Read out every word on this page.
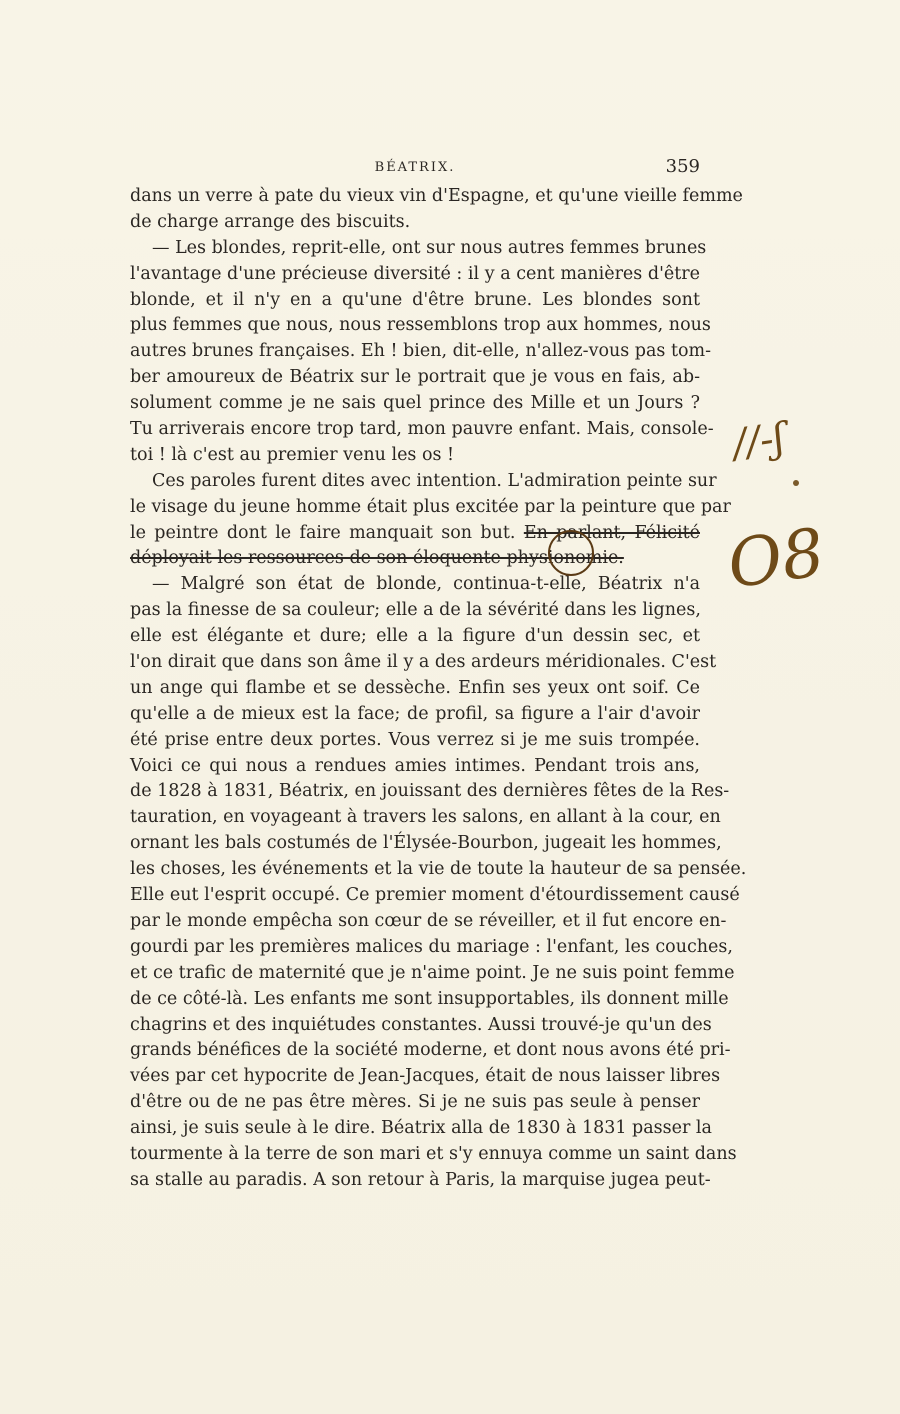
BÉATRIX.	359
dans un verre à pate du vieux vin d'Espagne, et qu'une vieille femme
de charge arrange des biscuits.
— Les blondes, reprit-elle, ont sur nous autres femmes brunes
l'avantage d'une précieuse diversité : il y a cent manières d'être
blonde, et il n'y en a qu'une d'être brune. Les blondes sont
plus femmes que nous, nous ressemblons trop aux hommes, nous
autres brunes françaises. Eh ! bien, dit-elle, n'allez-vous pas tom-
ber amoureux de Béatrix sur le portrait que je vous en fais, ab-
solument comme je ne sais quel prince des Mille et un Jours ?
Tu arriverais encore trop tard, mon pauvre enfant. Mais, console-
toi ! là c'est au premier venu les os !
Ces paroles furent dites avec intention. L'admiration peinte sur
le visage du jeune homme était plus excitée par la peinture que par
le peintre dont le faire manquait son but. En parlant, Félicité
déployait les ressources de son éloquente physionomie.
— Malgré son état de blonde, continua-t-elle, Béatrix n'a
pas la finesse de sa couleur; elle a de la sévérité dans les lignes,
elle est élégante et dure; elle a la figure d'un dessin sec, et
l'on dirait que dans son âme il y a des ardeurs méridionales. C'est
un ange qui flambe et se dessèche. Enfin ses yeux ont soif. Ce
qu'elle a de mieux est la face; de profil, sa figure a l'air d'avoir
été prise entre deux portes. Vous verrez si je me suis trompée.
Voici ce qui nous a rendues amies intimes. Pendant trois ans,
de 1828 à 1831, Béatrix, en jouissant des dernières fêtes de la Res-
tauration, en voyageant à travers les salons, en allant à la cour, en
ornant les bals costumés de l'Élysée-Bourbon, jugeait les hommes,
les choses, les événements et la vie de toute la hauteur de sa pensée.
Elle eut l'esprit occupé. Ce premier moment d'étourdissement causé
par le monde empêcha son cœur de se réveiller, et il fut encore en-
gourdi par les premières malices du mariage : l'enfant, les couches,
et ce trafic de maternité que je n'aime point. Je ne suis point femme
de ce côté-là. Les enfants me sont insupportables, ils donnent mille
chagrins et des inquiétudes constantes. Aussi trouvé-je qu'un des
grands bénéfices de la société moderne, et dont nous avons été pri-
vées par cet hypocrite de Jean-Jacques, était de nous laisser libres
d'être ou de ne pas être mères. Si je ne suis pas seule à penser
ainsi, je suis seule à le dire. Béatrix alla de 1830 à 1831 passer la
tourmente à la terre de son mari et s'y ennuya comme un saint dans
sa stalle au paradis. A son retour à Paris, la marquise jugea peut-
//-ʃ
O8
